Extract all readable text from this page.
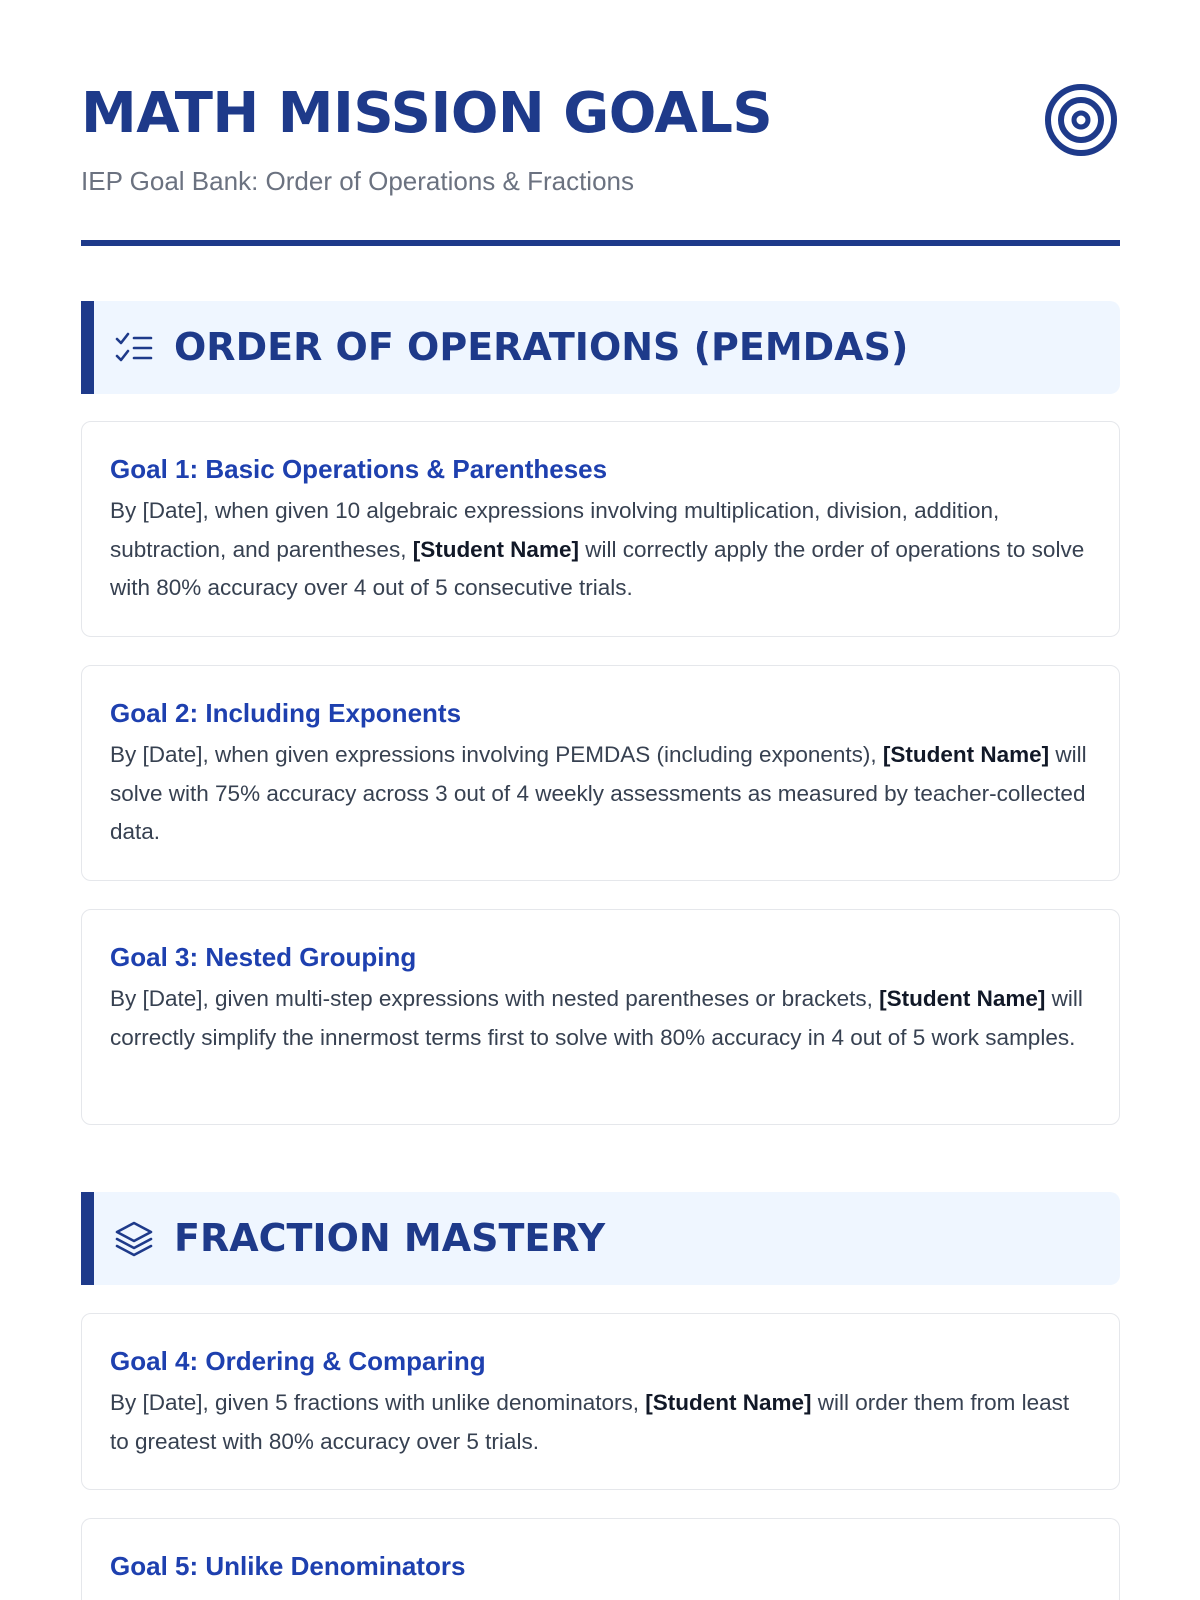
MATH MISSION GOALS
IEP Goal Bank: Order of Operations & Fractions
ORDER OF OPERATIONS (PEMDAS)
Goal 1: Basic Operations & Parentheses

By [Date], when given 10 algebraic expressions involving multiplication, division, addition, subtraction, and parentheses, [Student Name] will correctly apply the order of operations to solve with 80% accuracy over 4 out of 5 consecutive trials.

Goal 2: Including Exponents

By [Date], when given expressions involving PEMDAS (including exponents), [Student Name] will solve with 75% accuracy across 3 out of 4 weekly assessments as measured by teacher-collected data.

Goal 3: Nested Grouping

By [Date], given multi-step expressions with nested parentheses or brackets, [Student Name] will correctly simplify the innermost terms first to solve with 80% accuracy in 4 out of 5 work samples.

FRACTION MASTERY
Goal 4: Ordering & Comparing

By [Date], given 5 fractions with unlike denominators, [Student Name] will order them from least to greatest with 80% accuracy over 5 trials.

Goal 5: Unlike Denominators
